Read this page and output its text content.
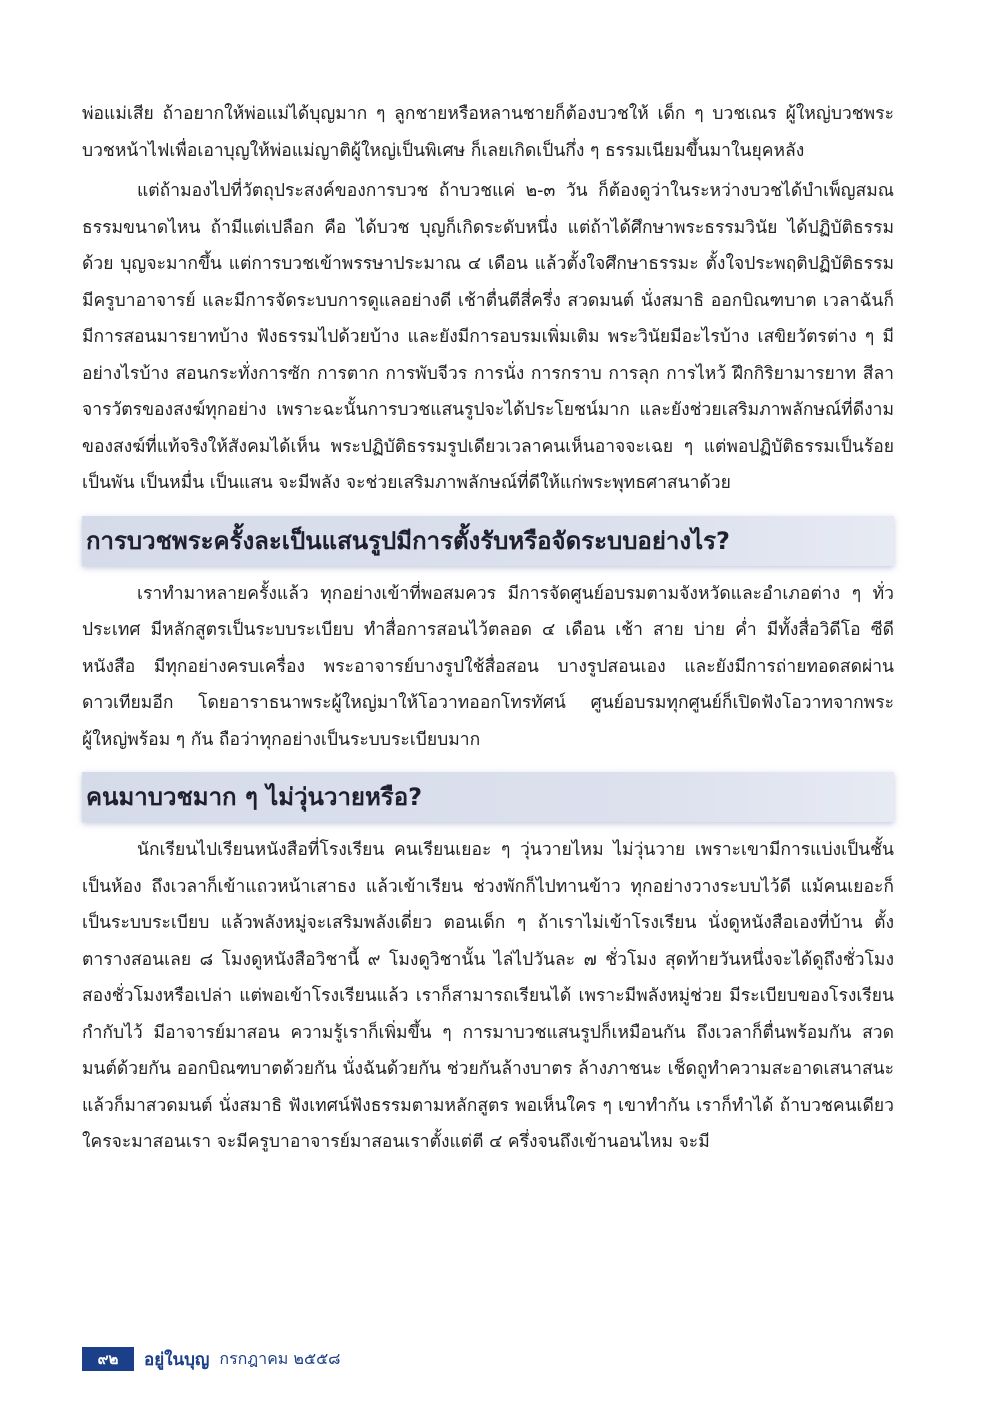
พ่อแม่เสีย ถ้าอยากให้พ่อแม่ได้บุญมาก ๆ ลูกชายหรือหลานชายก็ต้องบวชให้ เด็ก ๆ บวชเณร ผู้ใหญ่บวชพระ บวชหน้าไฟเพื่อเอาบุญให้พ่อแม่ญาติผู้ใหญ่เป็นพิเศษ ก็เลยเกิดเป็นกึ่ง ๆ ธรรมเนียมขึ้นมาในยุคหลัง

แต่ถ้ามองไปที่วัตถุประสงค์ของการบวช ถ้าบวชแค่ ๒-๓ วัน ก็ต้องดูว่าในระหว่างบวชได้บำเพ็ญสมณธรรมขนาดไหน ถ้ามีแต่เปลือก คือ ได้บวช บุญก็เกิดระดับหนึ่ง แต่ถ้าได้ศึกษาพระธรรมวินัย ได้ปฏิบัติธรรมด้วย บุญจะมากขึ้น แต่การบวชเข้าพรรษาประมาณ ๔ เดือน แล้วตั้งใจศึกษาธรรมะ ตั้งใจประพฤติปฏิบัติธรรม มีครูบาอาจารย์ และมีการจัดระบบการดูแลอย่างดี เช้าตื่นตีสี่ครึ่ง สวดมนต์ นั่งสมาธิ ออกบิณฑบาต เวลาฉันก็มีการสอนมารยาทบ้าง ฟังธรรมไปด้วยบ้าง และยังมีการอบรมเพิ่มเติม พระวินัยมีอะไรบ้าง เสขิยวัตรต่าง ๆ มีอย่างไรบ้าง สอนกระทั่งการซัก การตาก การพับจีวร การนั่ง การกราบ การลุก การไหว้ ฝึกกิริยามารยาท สีลาจารวัตรของสงฆ์ทุกอย่าง เพราะฉะนั้นการบวชแสนรูปจะได้ประโยชน์มาก และยังช่วยเสริมภาพลักษณ์ที่ดีงามของสงฆ์ที่แท้จริงให้สังคมได้เห็น พระปฏิบัติธรรมรูปเดียวเวลาคนเห็นอาจจะเฉย ๆ แต่พอปฏิบัติธรรมเป็นร้อย เป็นพัน เป็นหมื่น เป็นแสน จะมีพลัง จะช่วยเสริมภาพลักษณ์ที่ดีให้แก่พระพุทธศาสนาด้วย

การบวชพระครั้งละเป็นแสนรูปมีการตั้งรับหรือจัดระบบอย่างไร?

เราทำมาหลายครั้งแล้ว ทุกอย่างเข้าที่พอสมควร มีการจัดศูนย์อบรมตามจังหวัดและอำเภอต่าง ๆ ทั่วประเทศ มีหลักสูตรเป็นระบบระเบียบ ทำสื่อการสอนไว้ตลอด ๔ เดือน เช้า สาย บ่าย ค่ำ มีทั้งสื่อวิดีโอ ซีดี หนังสือ มีทุกอย่างครบเครื่อง พระอาจารย์บางรูปใช้สื่อสอน บางรูปสอนเอง และยังมีการถ่ายทอดสดผ่านดาวเทียมอีก โดยอาราธนาพระผู้ใหญ่มาให้โอวาทออกโทรทัศน์ ศูนย์อบรมทุกศูนย์ก็เปิดฟังโอวาทจากพระผู้ใหญ่พร้อม ๆ กัน ถือว่าทุกอย่างเป็นระบบระเบียบมาก

คนมาบวชมาก ๆ ไม่วุ่นวายหรือ?

นักเรียนไปเรียนหนังสือที่โรงเรียน คนเรียนเยอะ ๆ วุ่นวายไหม ไม่วุ่นวาย เพราะเขามีการแบ่งเป็นชั้น เป็นห้อง ถึงเวลาก็เข้าแถวหน้าเสาธง แล้วเข้าเรียน ช่วงพักก็ไปทานข้าว ทุกอย่างวางระบบไว้ดี แม้คนเยอะก็เป็นระบบระเบียบ แล้วพลังหมู่จะเสริมพลังเดี่ยว ตอนเด็ก ๆ ถ้าเราไม่เข้าโรงเรียน นั่งดูหนังสือเองที่บ้าน ตั้งตารางสอนเลย ๘ โมงดูหนังสือวิชานี้ ๙ โมงดูวิชานั้น ไล่ไปวันละ ๗ ชั่วโมง สุดท้ายวันหนึ่งจะได้ดูถึงชั่วโมงสองชั่วโมงหรือเปล่า แต่พอเข้าโรงเรียนแล้ว เราก็สามารถเรียนได้ เพราะมีพลังหมู่ช่วย มีระเบียบของโรงเรียนกำกับไว้ มีอาจารย์มาสอน ความรู้เราก็เพิ่มขึ้น ๆ การมาบวชแสนรูปก็เหมือนกัน ถึงเวลาก็ตื่นพร้อมกัน สวดมนต์ด้วยกัน ออกบิณฑบาตด้วยกัน นั่งฉันด้วยกัน ช่วยกันล้างบาตร ล้างภาชนะ เช็ดถูทำความสะอาดเสนาสนะ แล้วก็มาสวดมนต์ นั่งสมาธิ ฟังเทศน์ฟังธรรมตามหลักสูตร พอเห็นใคร ๆ เขาทำกัน เราก็ทำได้ ถ้าบวชคนเดียวใครจะมาสอนเรา จะมีครูบาอาจารย์มาสอนเราตั้งแต่ตี ๔ ครึ่งจนถึงเข้านอนไหม จะมี

๙๒	อยู่ในบุญ กรกฎาคม ๒๕๕๘
